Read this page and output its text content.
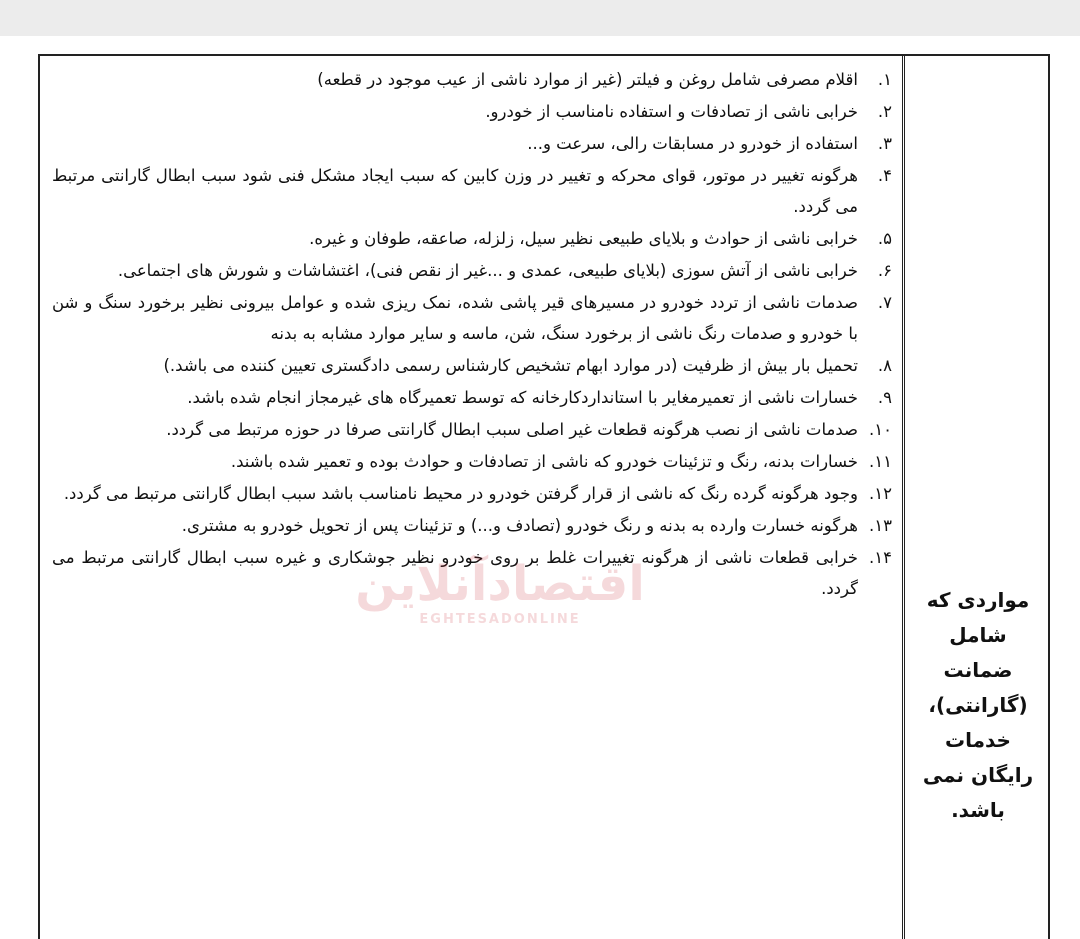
۱.
اقلام مصرفی شامل روغن و فیلتر (غیر از موارد ناشی از عیب موجود در قطعه)
۲.
خرابی ناشی از تصادفات و استفاده نامناسب از خودرو.
۳.
استفاده از خودرو در مسابقات رالی، سرعت و...
۴.
هرگونه تغییر در موتور، قوای محرکه و تغییر در وزن کابین که سبب ایجاد مشکل فنی شود سبب ابطال گارانتی مرتبط می گردد.
۵.
خرابی ناشی از حوادث و بلایای طبیعی نظیر سیل، زلزله، صاعقه، طوفان و غیره.
۶.
خرابی ناشی از آتش سوزی (بلایای طبیعی، عمدی و ...غیر از نقص فنی)، اغتشاشات و شورش های اجتماعی.
۷.
صدمات ناشی از تردد خودرو در مسیرهای قیر پاشی شده، نمک ریزی شده و عوامل بیرونی نظیر برخورد سنگ و شن با خودرو و صدمات رنگ ناشی از برخورد سنگ، شن، ماسه و سایر موارد مشابه به بدنه
۸.
تحمیل بار بیش از ظرفیت (در موارد ابهام تشخیص کارشناس رسمی دادگستری تعیین کننده می باشد.)
۹.
خسارات ناشی از تعمیرمغایر با استانداردکارخانه که توسط تعمیرگاه های غیرمجاز انجام شده باشد.
۱۰.
صدمات ناشی از نصب هرگونه قطعات غیر اصلی سبب ابطال گارانتی صرفا در حوزه مرتبط می گردد.
۱۱.
خسارات بدنه، رنگ و تزئینات خودرو که ناشی از تصادفات و حوادث بوده و تعمیر شده باشند.
۱۲.
وجود هرگونه گرده رنگ که ناشی از قرار گرفتن خودرو در محیط نامناسب باشد سبب ابطال گارانتی مرتبط می گردد.
۱۳.
هرگونه خسارت وارده به بدنه و رنگ خودرو (تصادف و...) و تزئینات پس از تحویل خودرو به مشتری.
۱۴.
خرابی قطعات ناشی از هرگونه تغییرات غلط بر روی خودرو نظیر جوشکاری و غیره سبب ابطال گارانتی مرتبط می گردد.	مواردی که شامل ضمانت (گارانتی)، خدمات رایگان نمی باشد.
اقتصادآنلاین
EGHTESADONLINE
